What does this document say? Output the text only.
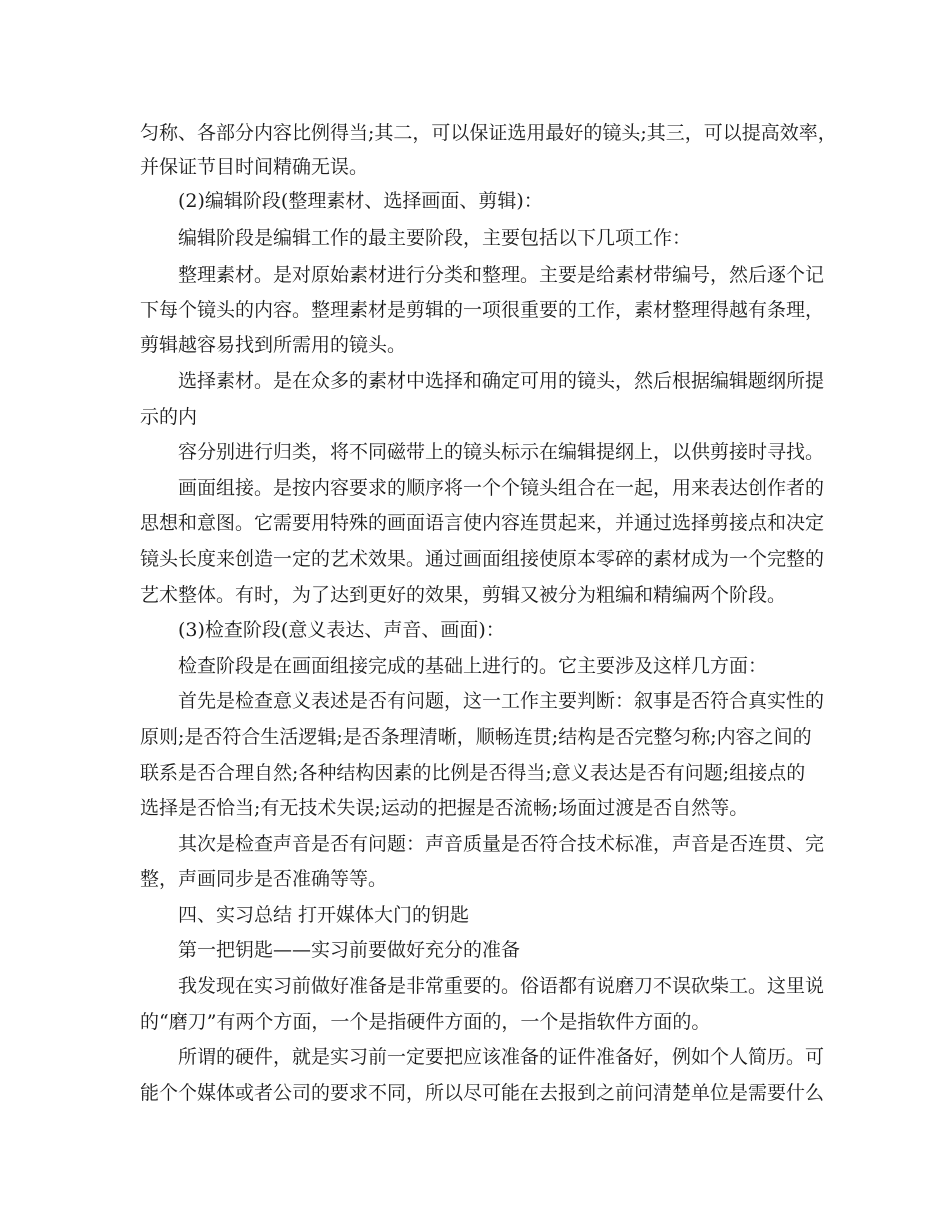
匀称、各部分内容比例得当;其二，可以保证选用最好的镜头;其三，可以提高效率，
并保证节目时间精确无误。
(2)编辑阶段(整理素材、选择画面、剪辑)：
编辑阶段是编辑工作的最主要阶段，主要包括以下几项工作：
整理素材。是对原始素材进行分类和整理。主要是给素材带编号，然后逐个记
下每个镜头的内容。整理素材是剪辑的一项很重要的工作，素材整理得越有条理，
剪辑越容易找到所需用的镜头。
选择素材。是在众多的素材中选择和确定可用的镜头，然后根据编辑题纲所提
示的内
容分别进行归类，将不同磁带上的镜头标示在编辑提纲上，以供剪接时寻找。
画面组接。是按内容要求的顺序将一个个镜头组合在一起，用来表达创作者的
思想和意图。它需要用特殊的画面语言使内容连贯起来，并通过选择剪接点和决定
镜头长度来创造一定的艺术效果。通过画面组接使原本零碎的素材成为一个完整的
艺术整体。有时，为了达到更好的效果，剪辑又被分为粗编和精编两个阶段。
(3)检查阶段(意义表达、声音、画面)：
检查阶段是在画面组接完成的基础上进行的。它主要涉及这样几方面：
首先是检查意义表述是否有问题，这一工作主要判断：叙事是否符合真实性的
原则;是否符合生活逻辑;是否条理清晰，顺畅连贯;结构是否完整匀称;内容之间的
联系是否合理自然;各种结构因素的比例是否得当;意义表达是否有问题;组接点的
选择是否恰当;有无技术失误;运动的把握是否流畅;场面过渡是否自然等。
其次是检查声音是否有问题：声音质量是否符合技术标准，声音是否连贯、完
整，声画同步是否准确等等。
四、实习总结 打开媒体大门的钥匙
第一把钥匙——实习前要做好充分的准备
我发现在实习前做好准备是非常重要的。俗语都有说磨刀不误砍柴工。这里说
的“磨刀”有两个方面，一个是指硬件方面的，一个是指软件方面的。
所谓的硬件，就是实习前一定要把应该准备的证件准备好，例如个人简历。可
能个个媒体或者公司的要求不同，所以尽可能在去报到之前问清楚单位是需要什么
